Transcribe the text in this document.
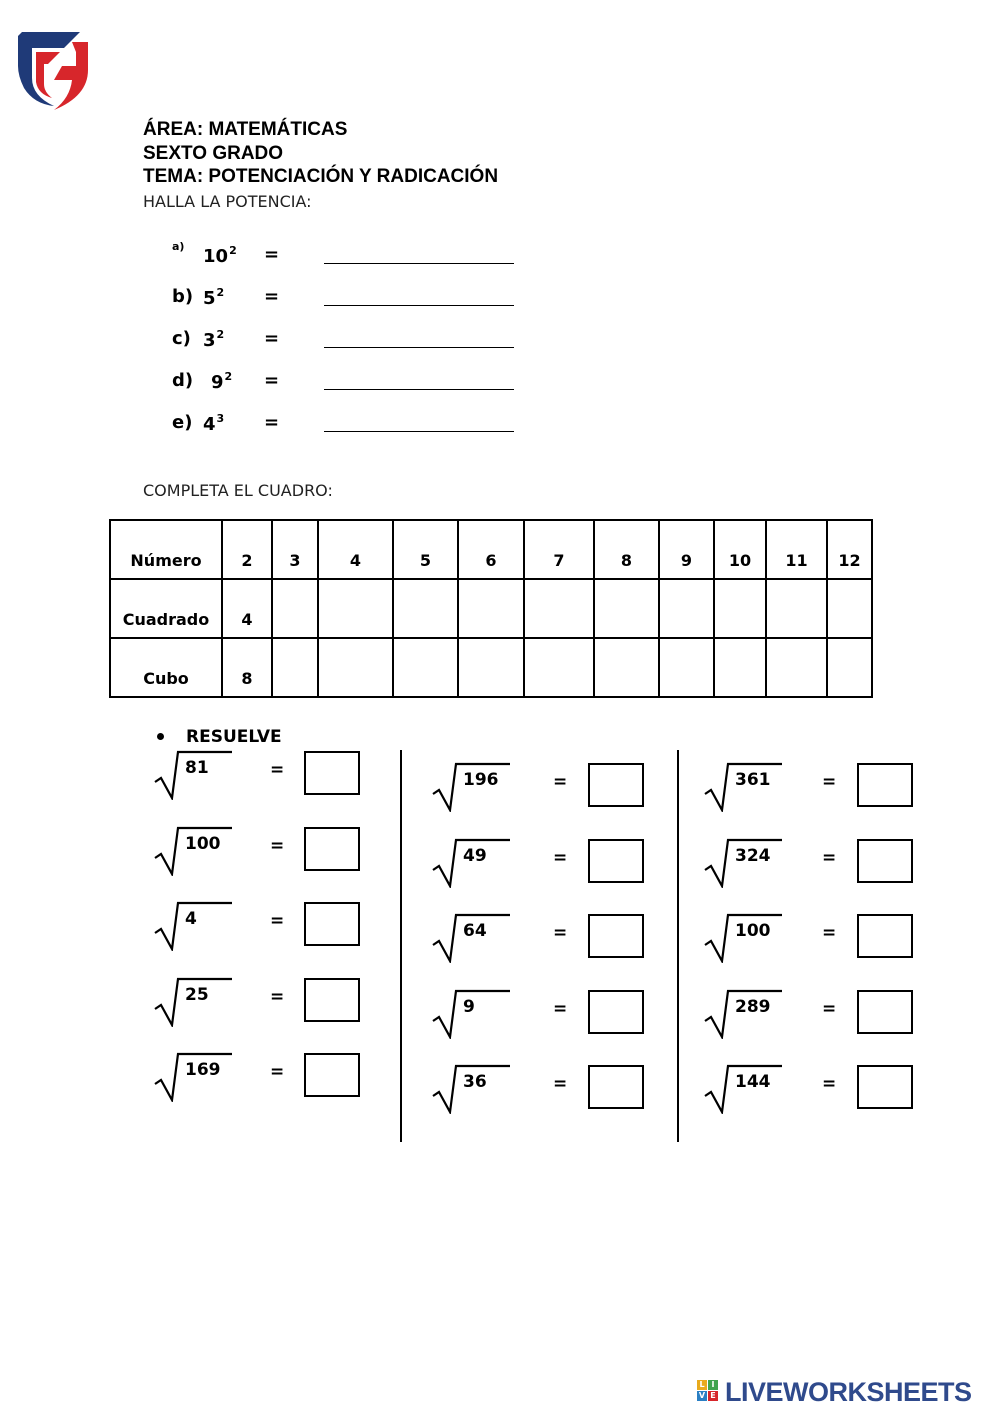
ÁREA: MATEMÁTICAS
SEXTO GRADO
TEMA: POTENCIACIÓN Y RADICACIÓN
HALLA LA POTENCIA:
a) $10^2$ =
b) $5^2$ =
c) $3^2$ =
d) $9^2$ =
e) $4^3$ =
COMPLETA EL CUADRO:
Número	2	3	4	5	6	7	8	9	10	11	12
Cuadrado	4										
Cubo	8										
RESUELVE
81	=
100	=
4	=
25	=
169	=
196	=
49	=
64	=
9	=
36	=
361	=
324	=
100	=
289	=
144	=
L I
V E LIVEWORKSHEETS
